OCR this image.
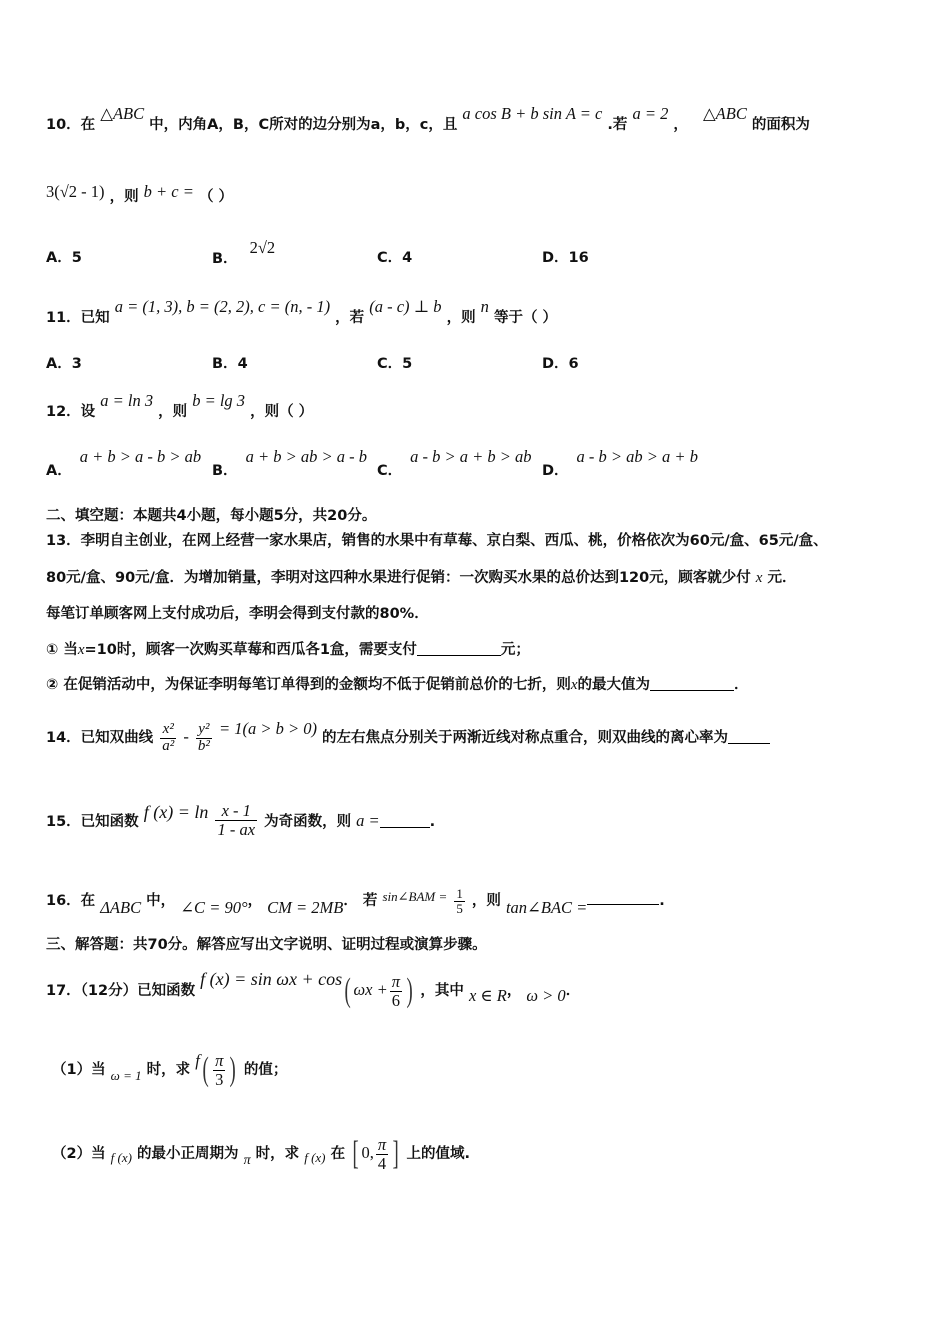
10．在 △ABC 中，内角A，B，C所对的边分别为a，b，c，且 a cos B + b sin A = c .若 a = 2 ， △ABC 的面积为
3(√2 - 1) ，则 b + c = （ ）
A．5	B．2√2
C．4	D．16
11．已知 a = (1, 3), b = (2, 2), c = (n, - 1) ，若 (a - c) ⊥ b ，则 n 等于（ ）
A．3	B．4	C．5	D．6
12．设 a = ln 3 ，则 b = lg 3 ，则（ ）
A．a + b > a - b > ab
B．a + b > ab > a - b
C．a - b > a + b > ab
D．a - b > ab > a + b
二、填空题：本题共4小题，每小题5分，共20分。
13．李明自主创业，在网上经营一家水果店，销售的水果中有草莓、京白梨、西瓜、桃，价格依次为60元/盒、65元/盒、
80元/盒、90元/盒．为增加销量，李明对这四种水果进行促销：一次购买水果的总价达到120元，顾客就少付 x 元．
每笔订单顾客网上支付成功后，李明会得到支付款的80%．
① 当x=10时，顾客一次购买草莓和西瓜各1盒，需要支付	元；
② 在促销活动中，为保证李明每笔订单得到的金额均不低于促销前总价的七折，则x的最大值为	．
14．已知双曲线 $\frac{\text{x²}}{\text{a²}} - \frac{\text{y²}}{\text{b²}} = 1(a > b > 0)$ 的左右焦点分别关于两渐近线对称点重合，则双曲线的离心率为
15．已知函数 f $(x) = \ln \frac{x - 1}{1 - ax}$ 为奇函数，则 a =	.
16．在 ΔABC 中， ∠C = 90°， CM = 2MB． 若 sin∠BAM = $\frac{1}{5}$ ，则 tan∠BAC =	.
三、解答题：共70分。解答应写出文字说明、证明过程或演算步骤。
17．（12分）已知函数 f (x) = sin ωx + cos( $\omega x + \frac{\pi}{6}$ ) ，其中 x ∈ R， ω > 0．
（1）当 ω = 1 时，求 $f( \frac{\pi}{3}$ ) 的值；
（2）当 f (x) 的最小正周期为 π 时，求 f (x) 在 [ 0, $\frac{\pi}{4}$ ] 上的值域.
